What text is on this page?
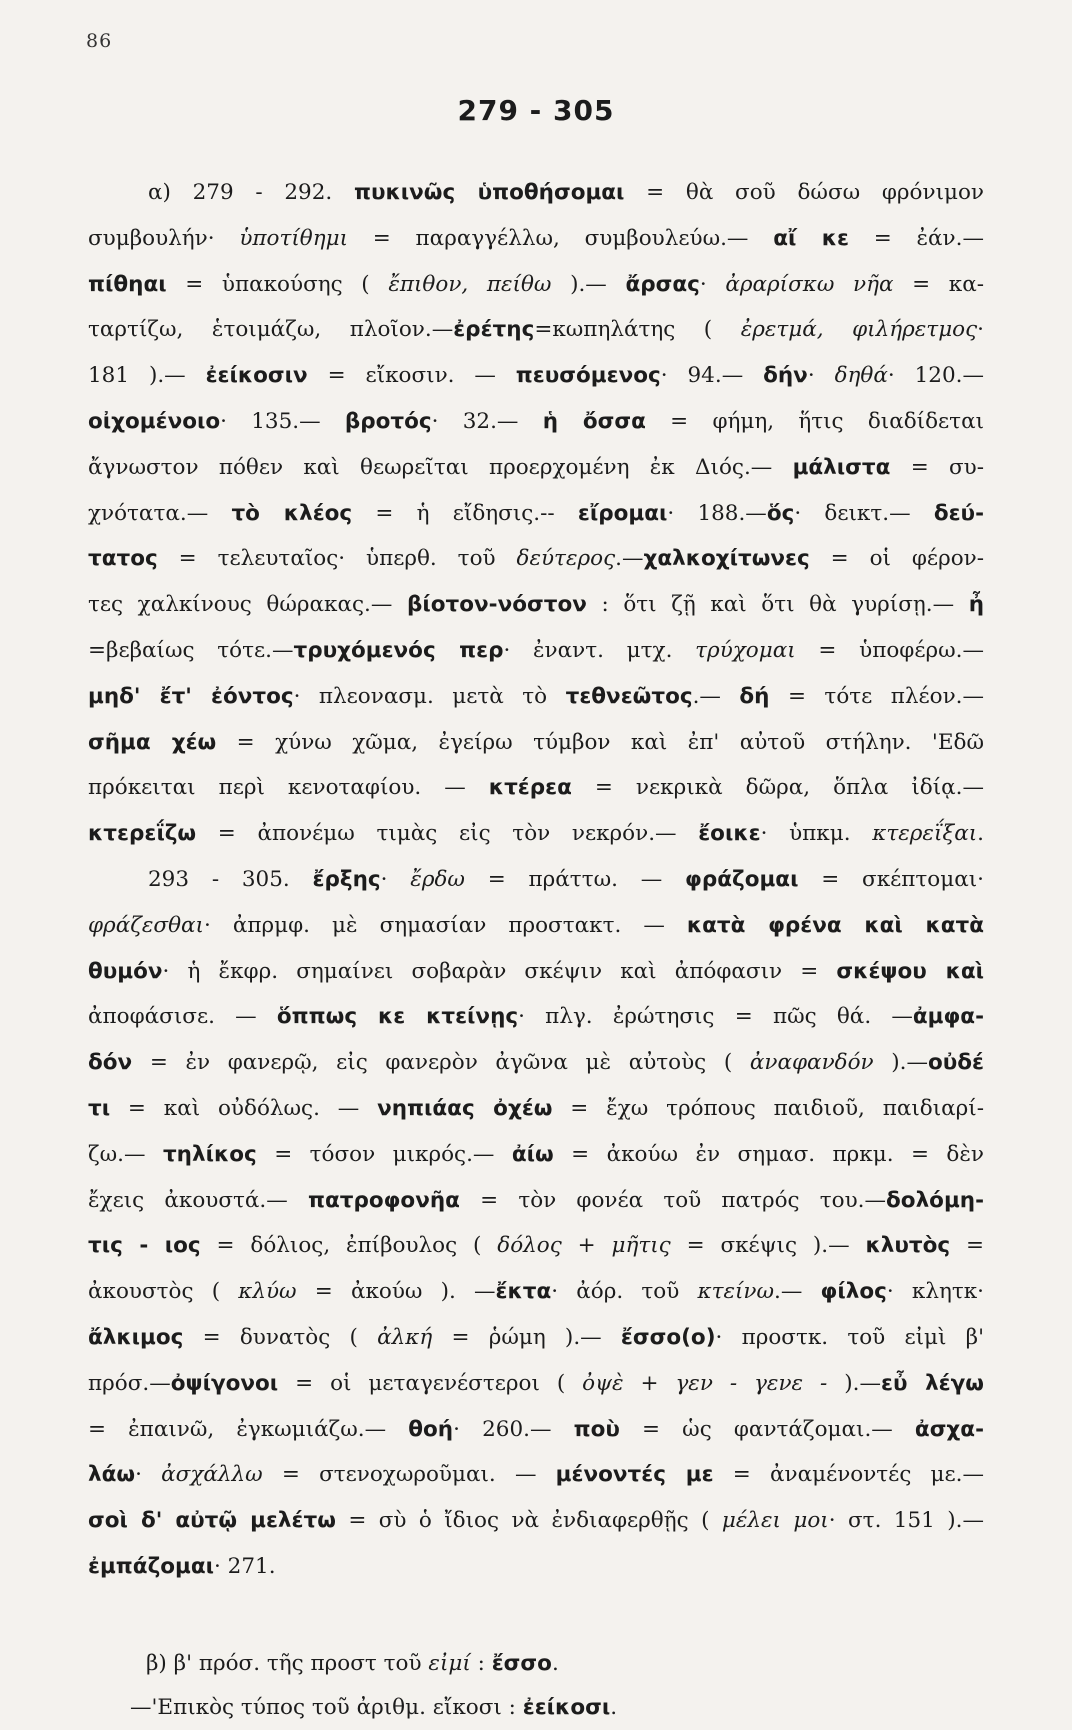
86
279 - 305
α) 279 - 292. πυκινῶς ὑποθήσομαι = θὰ σοῦ δώσω φρόνιμον
συμβουλήν· ὑποτίθημι = παραγγέλλω, συμβουλεύω.— αἴ κε = ἐάν.—
πίθηαι = ὑπακούσης ( ἔπιθον, πείθω ).— ἄρσας· ἀραρίσκω νῆα = κα-
ταρτίζω, ἑτοιμάζω, πλοῖον.—ἐρέτης=κωπηλάτης ( ἐρετμά, φιλήρετμος·
181 ).— ἐείκοσιν = εἴκοσιν. — πευσόμενος· 94.— δήν· δηθά· 120.—
οἰχομένοιο· 135.— βροτός· 32.— ἡ ὄσσα = φήμη, ἥτις διαδίδεται
ἄγνωστον πόθεν καὶ θεωρεῖται προερχομένη ἐκ Διός.— μάλιστα = συ-
χνότατα.— τὸ κλέος = ἡ εἴδησις.-- εἴρομαι· 188.—ὅς· δεικτ.— δεύ-
τατος = τελευταῖος· ὑπερθ. τοῦ δεύτερος.—χαλκοχίτωνες = οἱ φέρον-
τες χαλκίνους θώρακας.— βίοτον-νόστον : ὅτι ζῇ καὶ ὅτι θὰ γυρίσῃ.— ἦ
=βεβαίως τότε.—τρυχόμενός περ· ἐναντ. μτχ. τρύχομαι = ὑποφέρω.—
μηδ' ἔτ' ἐόντος· πλεονασμ. μετὰ τὸ τεθνεῶτος.— δή = τότε πλέον.—
σῆμα χέω = χύνω χῶμα, ἐγείρω τύμβον καὶ ἐπ' αὐτοῦ στήλην. 'Εδῶ
πρόκειται περὶ κενοταφίου. — κτέρεα = νεκρικὰ δῶρα, ὅπλα ἰδίᾳ.—
κτερεΐζω = ἀπονέμω τιμὰς εἰς τὸν νεκρόν.— ἔοικε· ὑπκμ. κτερεΐξαι.
293 - 305. ἔρξης· ἔρδω = πράττω. — φράζομαι = σκέπτομαι·
φράζεσθαι· ἀπρμφ. μὲ σημασίαν προστακτ. — κατὰ φρένα καὶ κατὰ
θυμόν· ἡ ἔκφρ. σημαίνει σοβαρὰν σκέψιν καὶ ἀπόφασιν = σκέψου καὶ
ἀποφάσισε. — ὅππως κε κτείνῃς· πλγ. ἐρώτησις = πῶς θά. —ἀμφα-
δόν = ἐν φανερῷ, εἰς φανερὸν ἀγῶνα μὲ αὐτοὺς ( ἀναφανδόν ).—οὐδέ
τι = καὶ οὐδόλως. — νηπιάας ὀχέω = ἔχω τρόπους παιδιοῦ, παιδιαρί-
ζω.— τηλίκος = τόσον μικρός.— ἀίω = ἀκούω ἐν σημασ. πρκμ. = δὲν
ἔχεις ἀκουστά.— πατροφονῆα = τὸν φονέα τοῦ πατρός του.—δολόμη-
τις - ιος = δόλιος, ἐπίβουλος ( δόλος + μῆτις = σκέψις ).— κλυτὸς =
ἀκουστὸς ( κλύω = ἀκούω ). —ἔκτα· ἀόρ. τοῦ κτείνω.— φίλος· κλητκ·
ἄλκιμος = δυνατὸς ( ἀλκή = ῥώμη ).— ἔσσο(ο)· προστκ. τοῦ εἰμὶ β'
πρόσ.—ὀψίγονοι = οἱ μεταγενέστεροι ( ὀψὲ + γεν - γενε - ).—εὖ λέγω
= ἐπαινῶ, ἐγκωμιάζω.— θοή· 260.— ποὺ = ὡς φαντάζομαι.— ἀσχα-
λάω· ἀσχάλλω = στενοχωροῦμαι. — μένοντές με = ἀναμένοντές με.—
σοὶ δ' αὐτῷ μελέτω = σὺ ὁ ἴδιος νὰ ἐνδιαφερθῇς ( μέλει μοι· στ. 151 ).—
ἐμπάζομαι· 271.
β) β' πρόσ. τῆς προστ τοῦ εἰμί : ἔσσο.
—'Επικὸς τύπος τοῦ ἀριθμ. εἴκοσι : ἐείκοσι.
